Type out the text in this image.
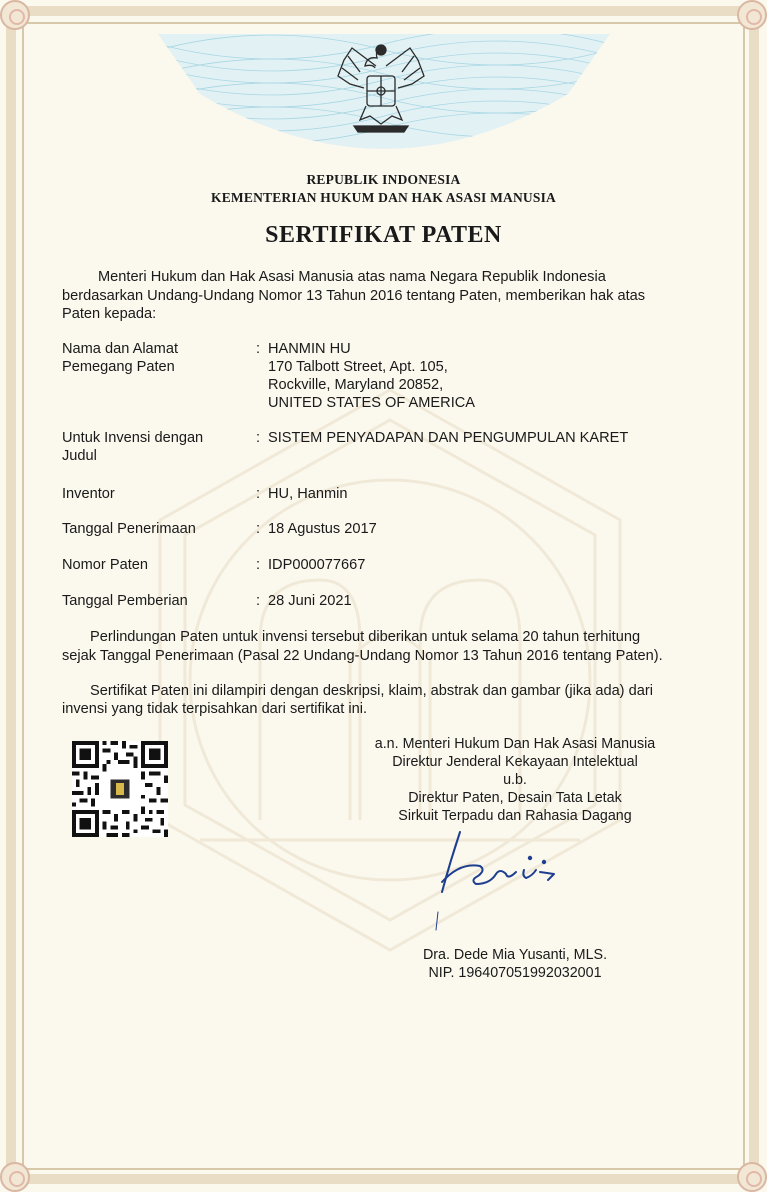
REPUBLIK INDONESIA
KEMENTERIAN HUKUM DAN HAK ASASI MANUSIA
SERTIFIKAT PATEN
Menteri Hukum dan Hak Asasi Manusia atas nama Negara Republik Indonesia
berdasarkan Undang-Undang Nomor 13 Tahun 2016 tentang Paten, memberikan hak atas
Paten kepada:
Nama dan Alamat
Pemegang Paten
: HANMIN HU
170 Talbott Street, Apt. 105,
Rockville, Maryland 20852,
UNITED STATES OF AMERICA
Untuk Invensi dengan
Judul
: SISTEM PENYADAPAN DAN PENGUMPULAN KARET
Inventor	: HU, Hanmin
Tanggal Penerimaan	: 18 Agustus 2017
Nomor Paten	: IDP000077667
Tanggal Pemberian	: 28 Juni 2021
Perlindungan Paten untuk invensi tersebut diberikan untuk selama 20 tahun terhitung
sejak Tanggal Penerimaan (Pasal 22 Undang-Undang Nomor 13 Tahun 2016 tentang Paten).
Sertifikat Paten ini dilampiri dengan deskripsi, klaim, abstrak dan gambar (jika ada) dari
invensi yang tidak terpisahkan dari sertifikat ini.
a.n. Menteri Hukum Dan Hak Asasi Manusia
Direktur Jenderal Kekayaan Intelektual
u.b.
Direktur Paten, Desain Tata Letak
Sirkuit Terpadu dan Rahasia Dagang
Dra. Dede Mia Yusanti, MLS.
NIP. 196407051992032001
